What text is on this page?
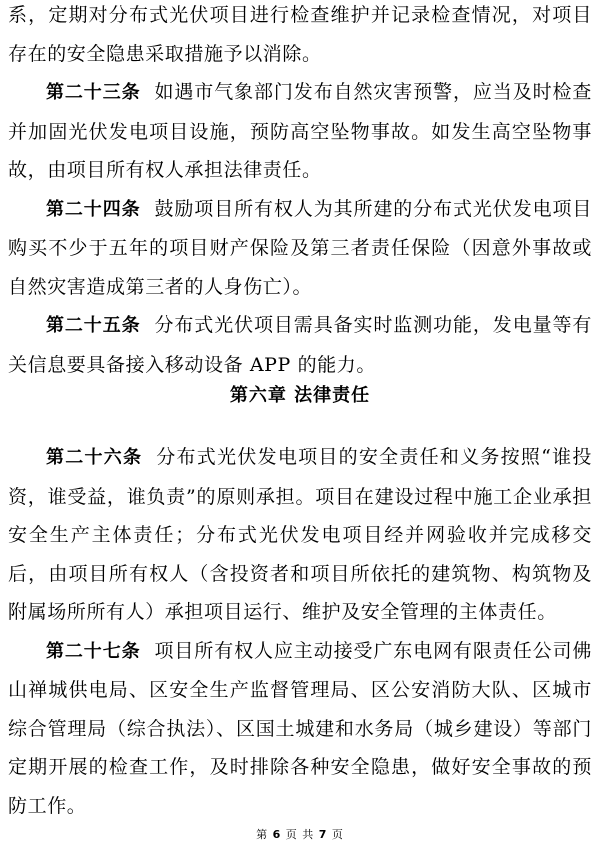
系，定期对分布式光伏项目进行检查维护并记录检查情况，对项目存在的安全隐患采取措施予以消除。

第二十三条 如遇市气象部门发布自然灾害预警，应当及时检查并加固光伏发电项目设施，预防高空坠物事故。如发生高空坠物事故，由项目所有权人承担法律责任。

第二十四条 鼓励项目所有权人为其所建的分布式光伏发电项目购买不少于五年的项目财产保险及第三者责任保险（因意外事故或自然灾害造成第三者的人身伤亡）。

第二十五条 分布式光伏项目需具备实时监测功能，发电量等有关信息要具备接入移动设备 APP 的能力。

第六章 法律责任

第二十六条 分布式光伏发电项目的安全责任和义务按照“谁投资，谁受益，谁负责”的原则承担。项目在建设过程中施工企业承担安全生产主体责任；分布式光伏发电项目经并网验收并完成移交后，由项目所有权人（含投资者和项目所依托的建筑物、构筑物及附属场所所有人）承担项目运行、维护及安全管理的主体责任。

第二十七条 项目所有权人应主动接受广东电网有限责任公司佛山禅城供电局、区安全生产监督管理局、区公安消防大队、区城市综合管理局（综合执法）、区国土城建和水务局（城乡建设）等部门定期开展的检查工作，及时排除各种安全隐患，做好安全事故的预防工作。

第 6 页 共 7 页
